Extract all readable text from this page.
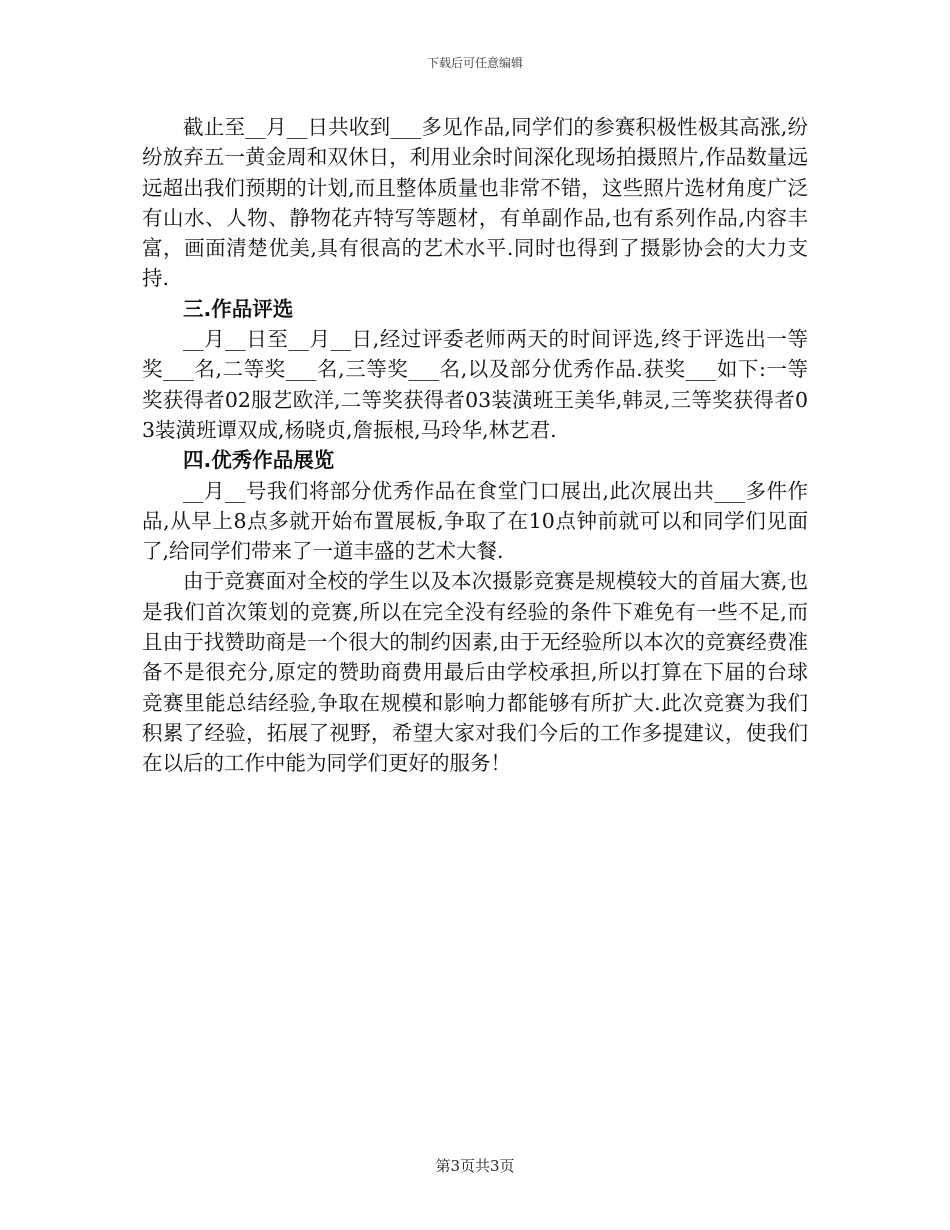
下载后可任意编辑

截止至__月__日共收到___多见作品,同学们的参赛积极性极其高涨,纷纷放弃五一黄金周和双休日，利用业余时间深化现场拍摄照片,作品数量远远超出我们预期的计划,而且整体质量也非常不错，这些照片选材角度广泛有山水、人物、静物花卉特写等题材，有单副作品,也有系列作品,内容丰富，画面清楚优美,具有很高的艺术水平.同时也得到了摄影协会的大力支持.

三.作品评选

__月__日至__月__日,经过评委老师两天的时间评选,终于评选出一等奖___名,二等奖___名,三等奖___名,以及部分优秀作品.获奖___如下:一等奖获得者02服艺欧洋,二等奖获得者03装潢班王美华,韩灵,三等奖获得者03装潢班谭双成,杨晓贞,詹振根,马玲华,林艺君.

四.优秀作品展览

__月__号我们将部分优秀作品在食堂门口展出,此次展出共___多件作品,从早上8点多就开始布置展板,争取了在10点钟前就可以和同学们见面了,给同学们带来了一道丰盛的艺术大餐.

由于竞赛面对全校的学生以及本次摄影竞赛是规模较大的首届大赛,也是我们首次策划的竞赛,所以在完全没有经验的条件下难免有一些不足,而且由于找赞助商是一个很大的制约因素,由于无经验所以本次的竞赛经费准备不是很充分,原定的赞助商费用最后由学校承担,所以打算在下届的台球竞赛里能总结经验,争取在规模和影响力都能够有所扩大.此次竞赛为我们积累了经验，拓展了视野，希望大家对我们今后的工作多提建议，使我们在以后的工作中能为同学们更好的服务！

第3页共3页
